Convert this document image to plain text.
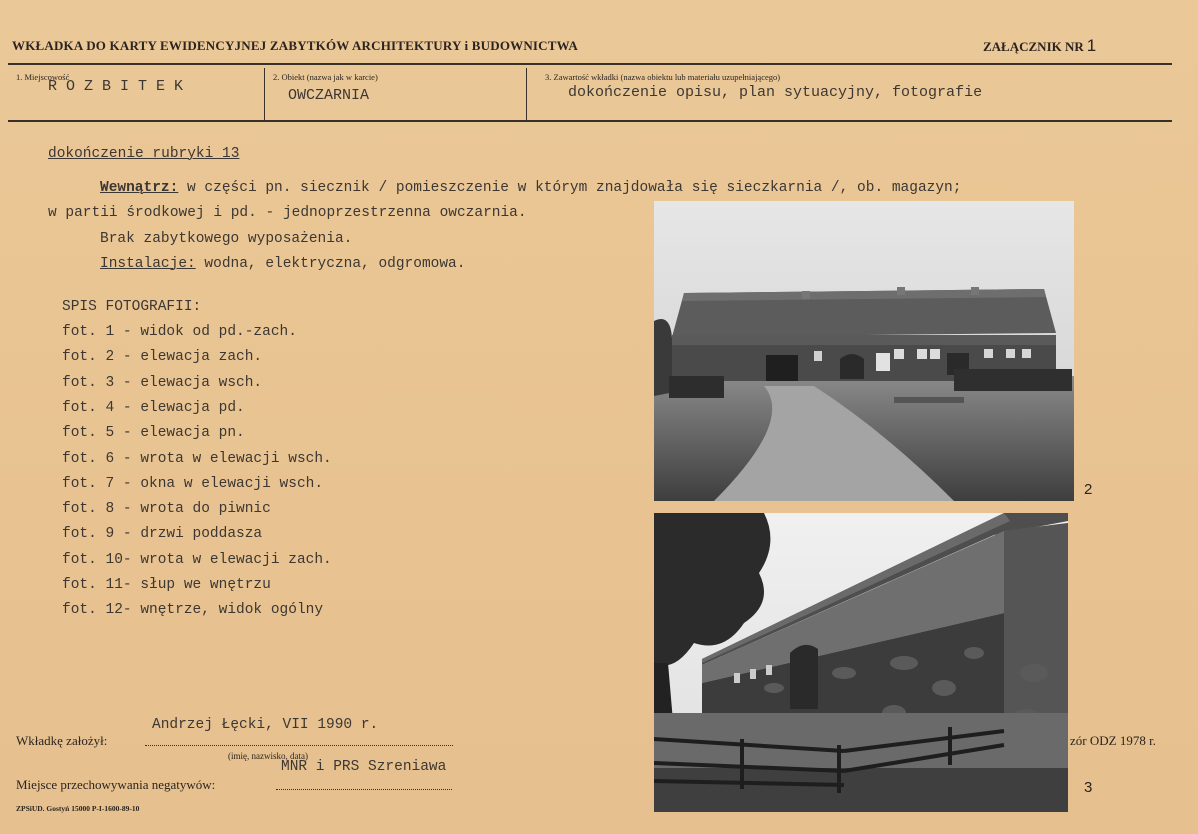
WKŁADKA DO KARTY EWIDENCYJNEJ ZABYTKÓW ARCHITEKTURY i BUDOWNICTWA	ZAŁĄCZNIK NR 1
1. Miejscowość
ROZBITEK
2. Obiekt (nazwa jak w karcie)
OWCZARNIA
3. Zawartość wkładki (nazwa obiektu lub materiału uzupełniającego)
dokończenie opisu, plan sytuacyjny, fotografie
dokończenie rubryki 13
Wewnątrz: w części pn. siecznik / pomieszczenie w którym znajdowała się sieczkarnia /, ob. magazyn;
w partii środkowej i pd. - jednoprzestrzenna owczarnia.
Brak zabytkowego wyposażenia.
Instalacje: wodna, elektryczna, odgromowa.
SPIS FOTOGRAFII:
fot. 1 - widok od pd.-zach.
fot. 2 - elewacja zach.
fot. 3 - elewacja wsch.
fot. 4 - elewacja pd.
fot. 5 - elewacja pn.
fot. 6 - wrota w elewacji wsch.
fot. 7 - okna w elewacji wsch.
fot. 8 - wrota do piwnic
fot. 9 - drzwi poddasza
fot. 10- wrota w elewacji zach.
fot. 11- słup we wnętrzu
fot. 12- wnętrze, widok ogólny
2
3
Andrzej Łęcki, VII 1990 r.
Wkładkę założył:
(imię, nazwisko, data)
zór ODZ 1978 r.
MNR i PRS Szreniawa
Miejsce przechowywania negatywów:
ZPSiUD. Gostyń 15000 P-I-1600-89-10
